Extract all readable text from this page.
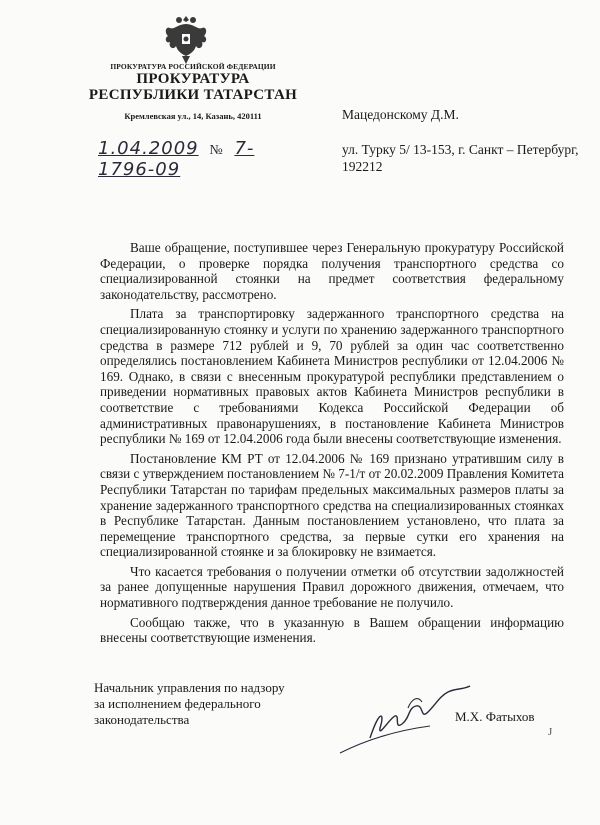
ПРОКУРАТУРА РОССИЙСКОЙ ФЕДЕРАЦИИ
ПРОКУРАТУРА
РЕСПУБЛИКИ ТАТАРСТАН
Кремлевская ул., 14, Казань, 420111
1.04.2009 № 7-1796-09
Мацедонскому Д.М.
ул. Турку 5/ 13-153, г. Санкт – Петербург, 192212

Ваше обращение, поступившее через Генеральную прокуратуру Российской Федерации, о проверке порядка получения транспортного средства со специализированной стоянки на предмет соответствия федеральному законодательству, рассмотрено.

Плата за транспортировку задержанного транспортного средства на специализированную стоянку и услуги по хранению задержанного транспортного средства в размере 712 рублей и 9, 70 рублей за один час соответственно определялись постановлением Кабинета Министров республики от 12.04.2006 № 169. Однако, в связи с внесенным прокуратурой республики представлением о приведении нормативных правовых актов Кабинета Министров республики в соответствие с требованиями Кодекса Российской Федерации об административных правонарушениях, в постановление Кабинета Министров республики № 169 от 12.04.2006 года были внесены соответствующие изменения.

Постановление КМ РТ от 12.04.2006 № 169 признано утратившим силу в связи с утверждением постановлением № 7-1/т от 20.02.2009 Правления Комитета Республики Татарстан по тарифам предельных максимальных размеров платы за хранение задержанного транспортного средства на специализированных стоянках в Республике Татарстан. Данным постановлением установлено, что плата за перемещение транспортного средства, за первые сутки его хранения на специализированной стоянке и за блокировку не взимается.

Что касается требования о получении отметки об отсутствии задолжностей за ранее допущенные нарушения Правил дорожного движения, отмечаем, что нормативного подтверждения данное требование не получило.

Сообщаю также, что в указанную в Вашем обращении информацию внесены соответствующие изменения.

Начальник управления по надзору
за исполнением федерального
законодательства	М.Х. Фатыхов
J
